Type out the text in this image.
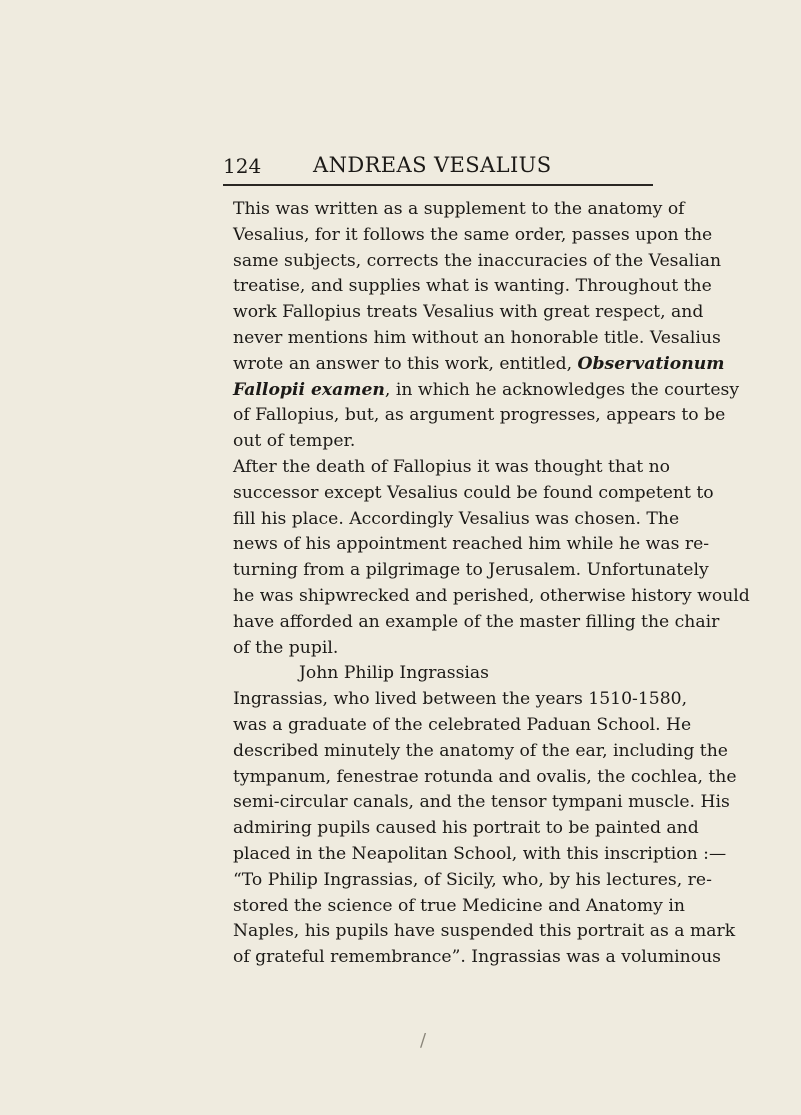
124 ANDREAS VESALIUS
This was written as a supplement to the anatomy of
Vesalius, for it follows the same order, passes upon the
same subjects, corrects the inaccuracies of the Vesalian
treatise, and supplies what is wanting. Throughout the
work Fallopius treats Vesalius with great respect, and
never mentions him without an honorable title. Vesalius
wrote an answer to this work, entitled, Observationum
Fallopii examen, in which he acknowledges the courtesy
of Fallopius, but, as argument progresses, appears to be
out of temper.
After the death of Fallopius it was thought that no
successor except Vesalius could be found competent to
fill his place. Accordingly Vesalius was chosen. The
news of his appointment reached him while he was re-
turning from a pilgrimage to Jerusalem. Unfortunately
he was shipwrecked and perished, otherwise history would
have afforded an example of the master filling the chair
of the pupil.
John Philip Ingrassias
Ingrassias, who lived between the years 1510-1580,
was a graduate of the celebrated Paduan School. He
described minutely the anatomy of the ear, including the
tympanum, fenestrae rotunda and ovalis, the cochlea, the
semi-circular canals, and the tensor tympani muscle. His
admiring pupils caused his portrait to be painted and
placed in the Neapolitan School, with this inscription :—
“To Philip Ingrassias, of Sicily, who, by his lectures, re-
stored the science of true Medicine and Anatomy in
Naples, his pupils have suspended this portrait as a mark
of grateful remembrance”. Ingrassias was a voluminous
/
